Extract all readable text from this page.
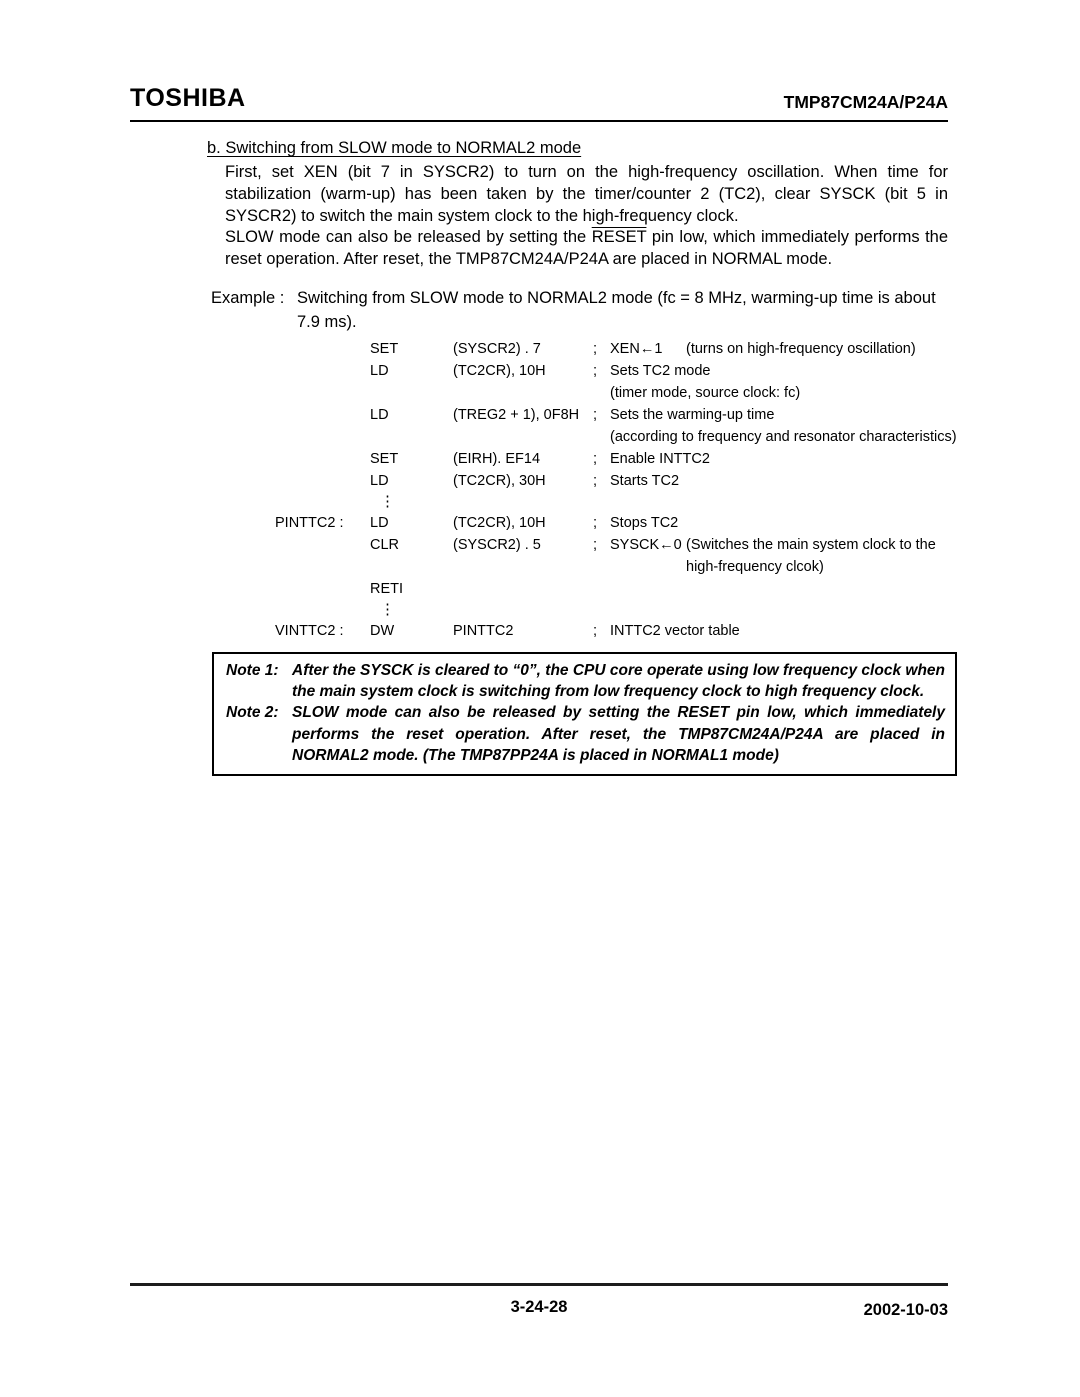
TOSHIBA	TMP87CM24A/P24A
b. Switching from SLOW mode to NORMAL2 mode

First, set XEN (bit 7 in SYSCR2) to turn on the high-frequency oscillation. When time for stabilization (warm-up) has been taken by the timer/counter 2 (TC2), clear SYSCK (bit 5 in SYSCR2) to switch the main system clock to the high-frequency clock.

SLOW mode can also be released by setting the RESET pin low, which immediately performs the reset operation. After reset, the TMP87CM24A/P24A are placed in NORMAL mode.

Example : Switching from SLOW mode to NORMAL2 mode (fc = 8 MHz, warming-up time is about
7.9 ms).
SET	(SYSCR2) . 7	; XEN←1	(turns on high-frequency oscillation)
LD	(TC2CR), 10H	; Sets TC2 mode
(timer mode, source clock: fc)
LD	(TREG2 + 1), 0F8H ; Sets the warming-up time
(according to frequency and resonator characteristics)
SET	(EIRH). EF14	; Enable INTTC2
LD	(TC2CR), 30H	; Starts TC2
⋮
PINTTC2 :	LD	(TC2CR), 10H	; Stops TC2
CLR	(SYSCR2) . 5	; SYSCK←0 (Switches the main system clock to the
high-frequency clcok)
RETI
⋮
VINTTC2 :	DW	PINTTC2	; INTTC2 vector table
Note 1: After the SYSCK is cleared to “0”, the CPU core operate using low frequency clock when the main system clock is switching from low frequency clock to high frequency clock.
Note 2: SLOW mode can also be released by setting the RESET pin low, which immediately performs the reset operation. After reset, the TMP87CM24A/P24A are placed in NORMAL2 mode. (The TMP87PP24A is placed in NORMAL1 mode)
3-24-28	2002-10-03
